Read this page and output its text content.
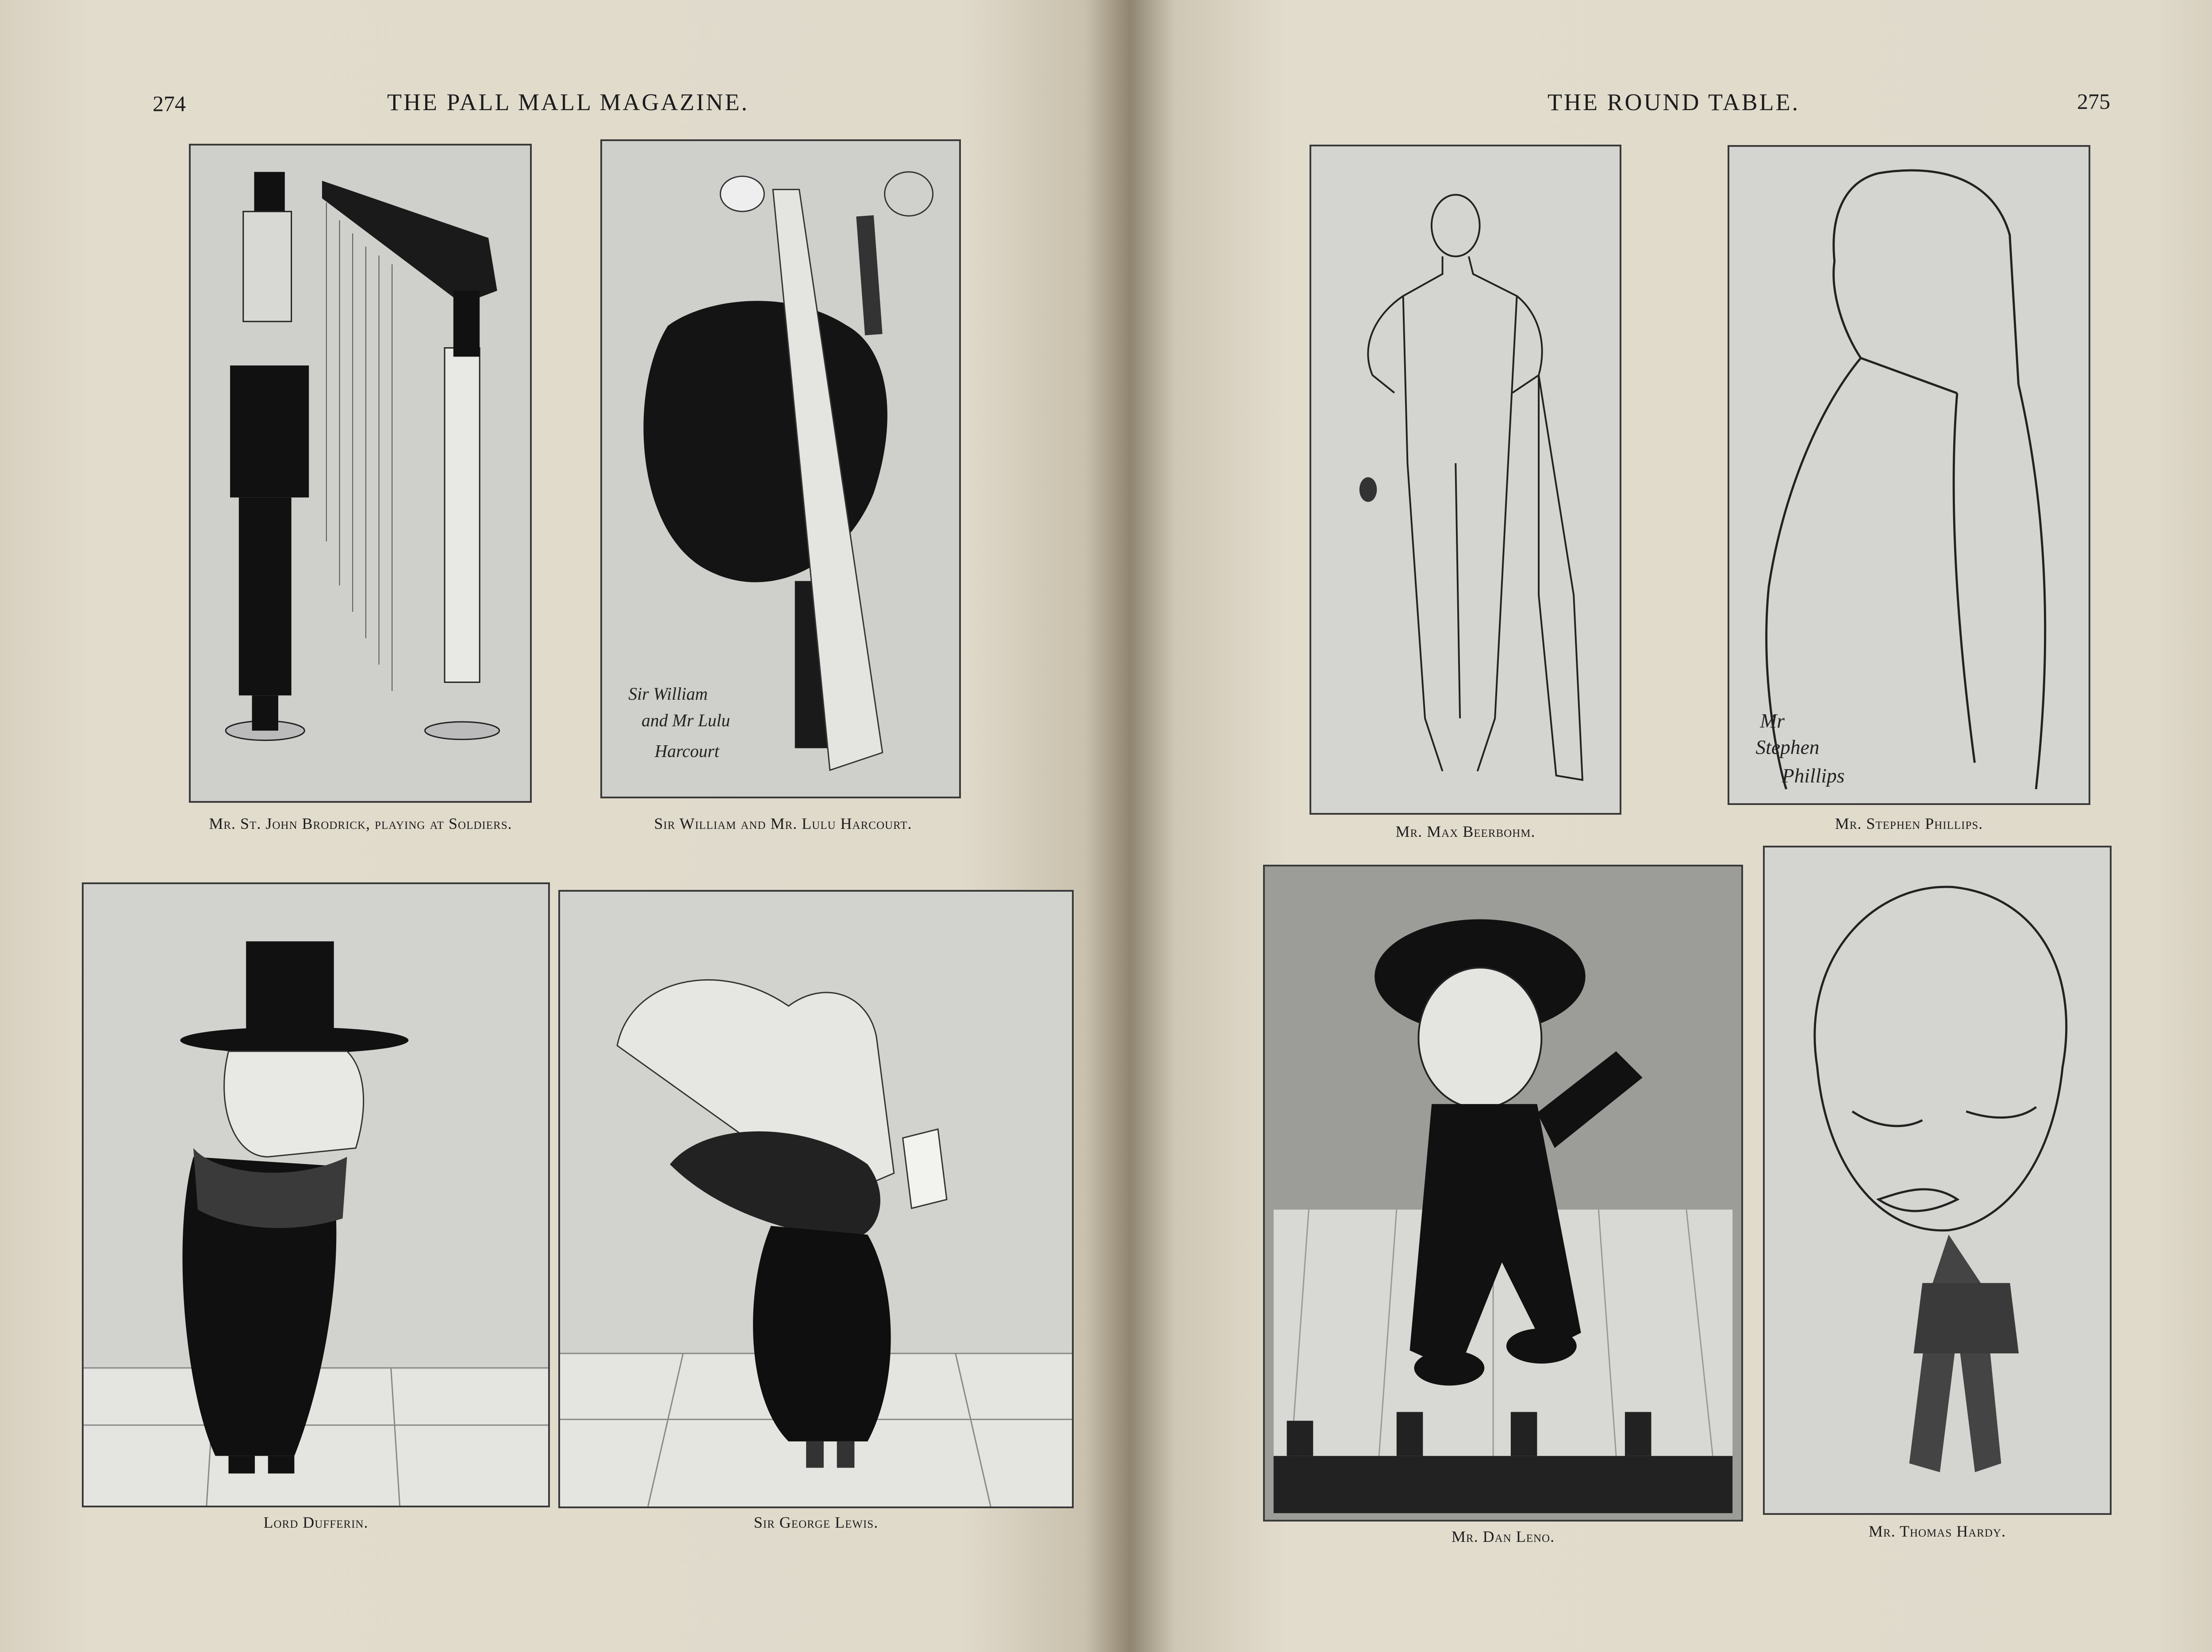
274	THE PALL MALL MAGAZINE.
Mr. St. John Brodrick, playing at Soldiers.
Sir William
and Mr Lulu
Harcourt
Sir William and Mr. Lulu Harcourt.
Lord Dufferin.	Sir George Lewis.
THE ROUND TABLE.	275
Mr. Max Beerbohm.
Mr
Stephen
Phillips
Mr. Stephen Phillips.
Mr. Dan Leno.	Mr. Thomas Hardy.
